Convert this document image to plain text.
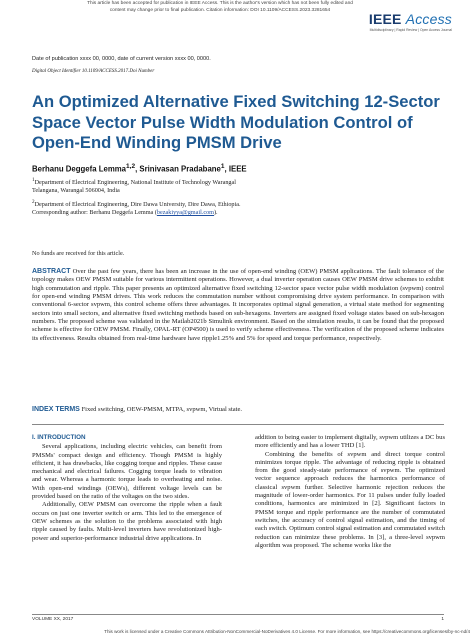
This article has been accepted for publication in IEEE Access. This is the author's version which has not been fully edited and
content may change prior to final publication. Citation information: DOI 10.1109/ACCESS.2023.3281654
IEEE Access
Multidisciplinary | Rapid Review | Open Access Journal
Date of publication xxxx 00, 0000, date of current version xxxx 00, 0000.
Digital Object Identifier 10.1109/ACCESS.2017.Doi Number
An Optimized Alternative Fixed Switching 12-Sector Space Vector Pulse Width Modulation Control of Open-End Winding PMSM Drive
Berhanu Deggefa Lemma$^{1,2}$, Srinivasan Pradabane$^1$, IEEE
$^1$Department of Electrical Engineering, National Institute of Technology Warangal
Telangana, Warangal 506004, India
$^2$Department of Electrical Engineering, Dire Dawa University, Dire Dawa, Ethiopia.
Corresponding author: Berhanu Deggefa Lemma (bezakiyya@gmail.com).
No funds are received for this article.
ABSTRACT Over the past few years, there has been an increase in the use of open-end winding (OEW) PMSM applications. The fault tolerance of the topology makes OEW PMSM suitable for various intermittent operations. However, a dual inverter operation causes OEW PMSM drive schemes to exhibit high commutation and ripple. This paper presents an optimized alternative fixed switching 12-sector space vector pulse width modulation (svpwm) control for open-end winding PMSM drives. This work reduces the commutation number without compromising drive system performance. In comparison with conventional 6-sector svpwm, this control scheme offers three advantages. It incorporates optimal signal generation, a virtual state method for segmenting sectors into small sectors, and alternative fixed switching methods based on sub-hexagons. Inverters are assigned fixed voltage states based on sub-hexagon numbers. The proposed scheme was validated in the Matlab2021b Simulink environment. Based on the simulation results, it can be found that the proposed scheme is effective for OEW PMSM. Finally, OPAL-RT (OP4500) is used to verify scheme effectiveness. The verification of the proposed scheme indicates its effectiveness. Results obtained from real-time hardware have ripple1.25% and 5% for speed and torque performance, respectively.
INDEX TERMS Fixed switching, OEW-PMSM, MTPA, svpwm, Virtual state.
I. INTRODUCTION

Several applications, including electric vehicles, can benefit from PMSMs' compact design and efficiency. Though PMSM is highly efficient, it has drawbacks, like cogging torque and ripples. These cause mechanical and electrical failures. Cogging torque leads to vibration and wear. Whereas a harmonic torque leads to overheating and noise. With open-end windings (OEWs), different voltage levels can be provided based on the ratio of the voltages on the two sides.

Additionally, OEW PMSM can overcome the ripple when a fault occurs on just one inverter switch or arm. This led to the emergence of OEW schemes as the solution to the problems associated with high ripple caused by faults. Multi-level inverters have revolutionized high-power and superior-performance industrial drive applications. In

addition to being easier to implement digitally, svpwm utilizes a DC bus more efficiently and has a lower THD [1].

Combining the benefits of svpwm and direct torque control minimizes torque ripple. The advantage of reducing ripple is obtained from the good steady-state performance of svpwm. The optimized vector sequence approach reduces the harmonics performance of classical svpwm further. Selective harmonic rejection reduces the magnitude of lower-order harmonics. For 11 pulses under fully loaded conditions, harmonics are minimized in [2]. Significant factors in PMSM torque and ripple performance are the number of commutated switches, the accuracy of control signal estimation, and the timing of each switch. Optimum control signal estimation and commutated switch reduction can minimize these problems. In [3], a three-level svpwm algorithm was proposed. The scheme works like the

VOLUME XX, 2017	1
This work is licensed under a Creative Commons Attribution-NonCommercial-NoDerivatives 4.0 License. For more information, see https://creativecommons.org/licenses/by-nc-nd/4
